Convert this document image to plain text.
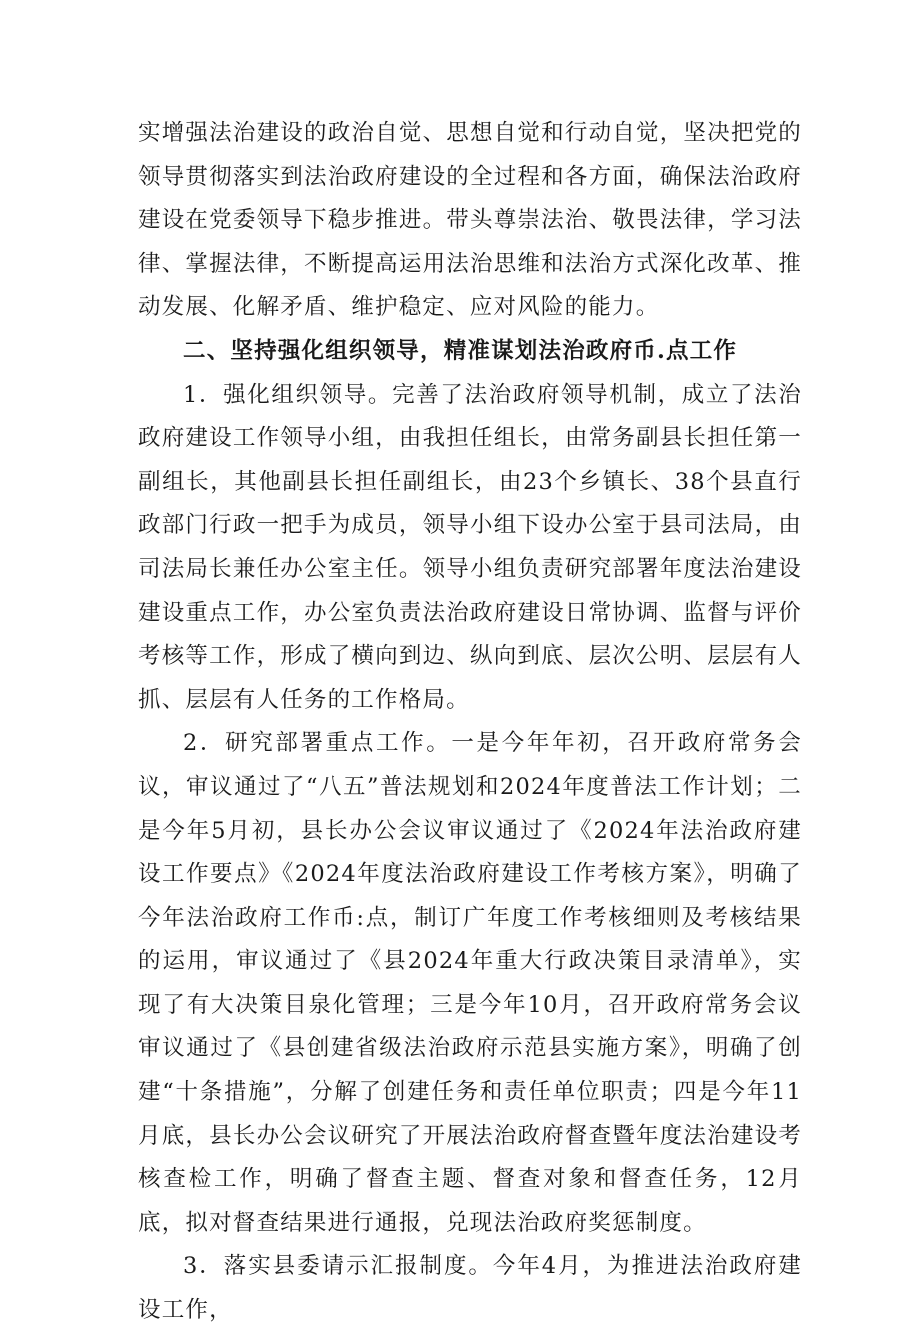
实增强法治建设的政治自觉、思想自觉和行动自觉，坚决把党的领导贯彻落实到法治政府建设的全过程和各方面，确保法治政府建设在党委领导下稳步推进。带头尊崇法治、敬畏法律，学习法律、掌握法律，不断提高运用法治思维和法治方式深化改革、推动发展、化解矛盾、维护稳定、应对风险的能力。

二、坚持强化组织领导，精准谋划法治政府币.点工作

1．强化组织领导。完善了法治政府领导机制，成立了法治政府建设工作领导小组，由我担任组长，由常务副县长担任第一副组长，其他副县长担任副组长，由23个乡镇长、38个县直行政部门行政一把手为成员，领导小组下设办公室于县司法局，由司法局长兼任办公室主任。领导小组负责研究部署年度法治建设建设重点工作，办公室负责法治政府建设日常协调、监督与评价考核等工作，形成了横向到边、纵向到底、层次公明、层层有人抓、层层有人任务的工作格局。

2．研究部署重点工作。一是今年年初，召开政府常务会议，审议通过了“八五”普法规划和2024年度普法工作计划；二是今年5月初，县长办公会议审议通过了《2024年法治政府建设工作要点》《2024年度法治政府建设工作考核方案》，明确了今年法治政府工作币:点，制订广年度工作考核细则及考核结果的运用，审议通过了《县2024年重大行政决策目录清单》，实现了有大决策目泉化管理；三是今年10月，召开政府常务会议审议通过了《县创建省级法治政府示范县实施方案》，明确了创建“十条措施”，分解了创建任务和责任单位职责；四是今年11月底，县长办公会议研究了开展法治政府督查暨年度法治建设考核查检工作，明确了督查主题、督查对象和督查任务，12月底，拟对督查结果进行通报，兑现法治政府奖惩制度。

3．落实县委请示汇报制度。今年4月，为推进法治政府建设工作，
